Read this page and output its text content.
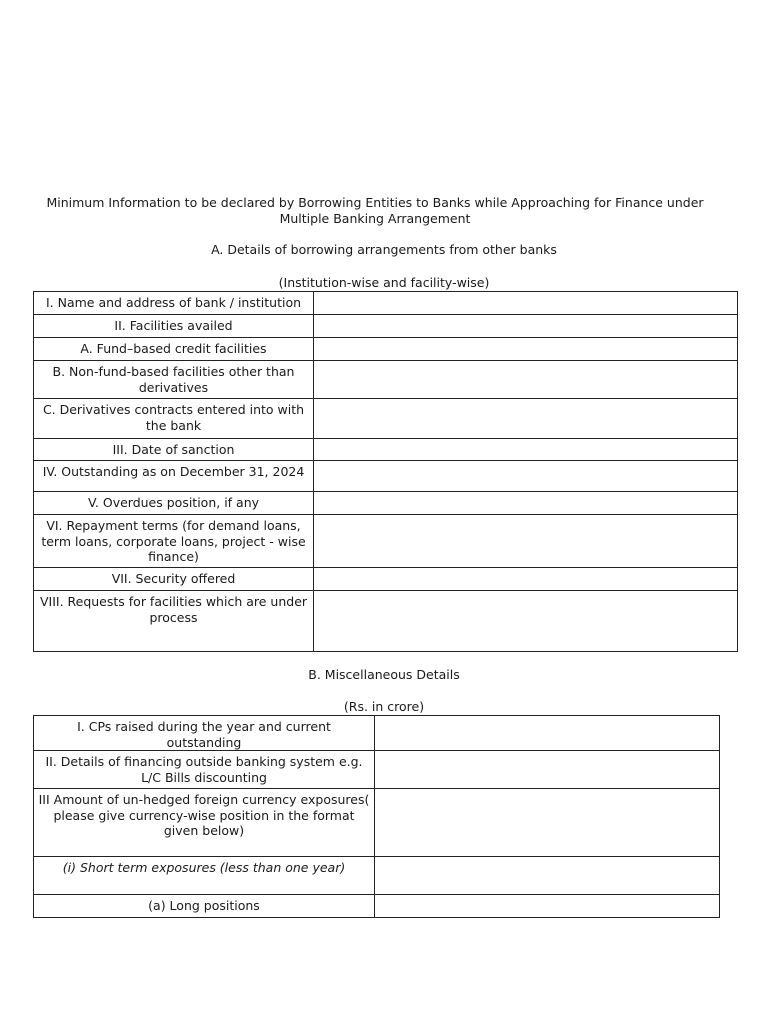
Minimum Information to be declared by Borrowing Entities to Banks while Approaching for Finance under Multiple Banking Arrangement
A. Details of borrowing arrangements from other banks
(Institution-wise and facility-wise)
I. Name and address of bank / institution	
II. Facilities availed	
A. Fund–based credit facilities	
B. Non-fund-based facilities other than derivatives	
C. Derivatives contracts entered into with the bank	
III. Date of sanction	
IV. Outstanding as on December 31, 2024	
V. Overdues position, if any	
VI. Repayment terms (for demand loans, term loans, corporate loans, project - wise finance)	
VII. Security offered	
VIII. Requests for facilities which are under process	
B. Miscellaneous Details
(Rs. in crore)
I. CPs raised during the year and current outstanding	
II. Details of financing outside banking system e.g. L/C Bills discounting	
III Amount of un-hedged foreign currency exposures( please give currency-wise position in the format given below)	
(i) Short term exposures (less than one year)	
(a) Long positions	
